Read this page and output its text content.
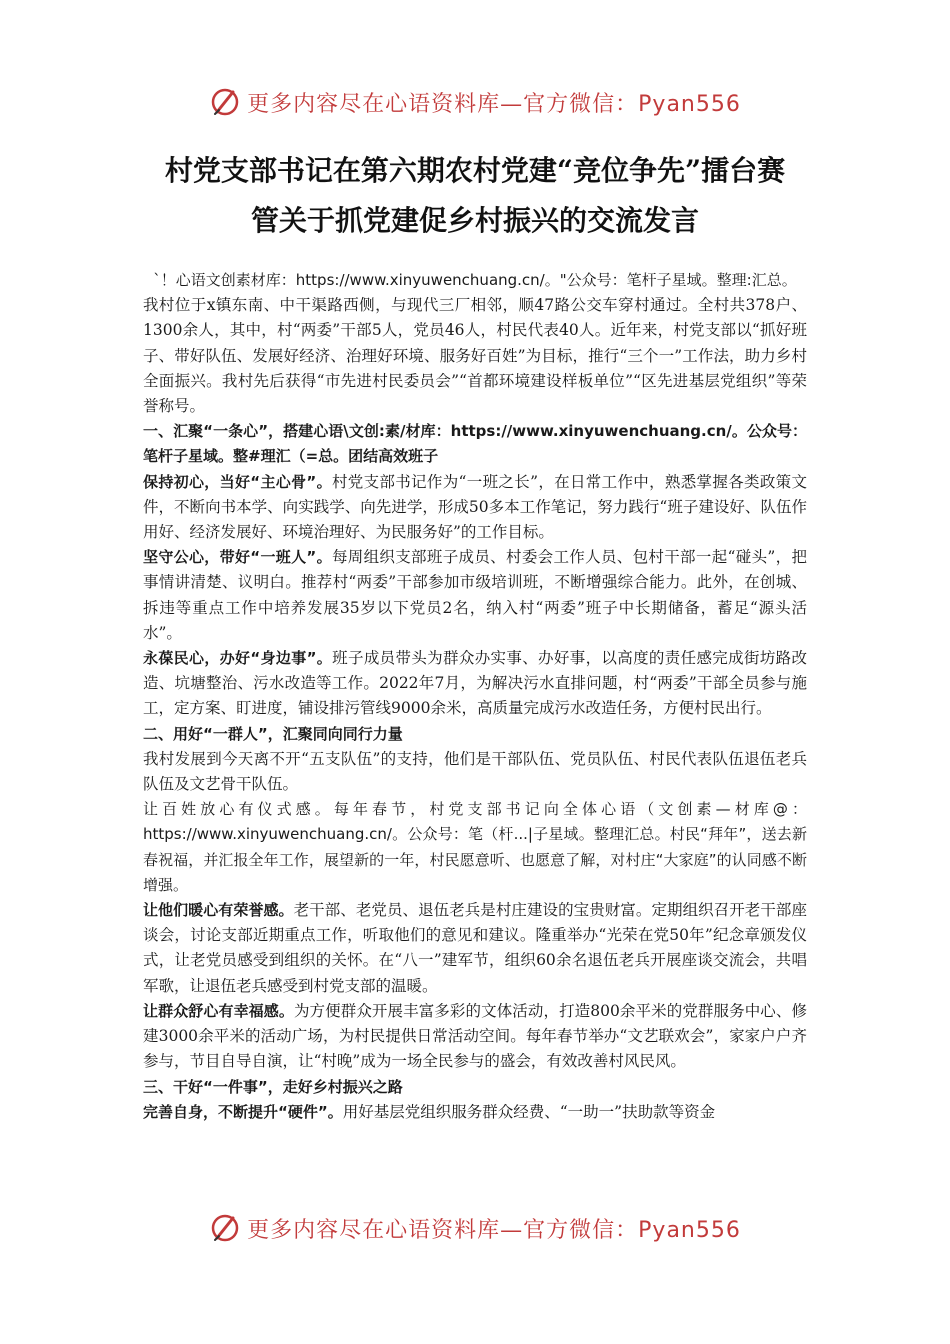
更多内容尽在心语资料库—官方微信：Pyan556
村党支部书记在第六期农村党建“竞位争先”擂台赛
管关于抓党建促乡村振兴的交流发言

`！心语文创素材库：https://www.xinyuwenchuang.cn/。"公众号：笔杆子星域。整理:汇总。

我村位于x镇东南、中干渠路西侧，与现代三厂相邻，顺47路公交车穿村通过。全村共378户、1300余人，其中，村“两委”干部5人，党员46人，村民代表40人。近年来，村党支部以“抓好班子、带好队伍、发展好经济、治理好环境、服务好百姓”为目标，推行“三个一”工作法，助力乡村全面振兴。我村先后获得“市先进村民委员会”“首都环境建设样板单位”“区先进基层党组织”等荣誉称号。

一、汇聚“一条心”，搭建心语\文创:素/材库：https://www.xinyuwenchuang.cn/。公众号：笔杆子星域。整#理汇（=总。团结高效班子

保持初心，当好“主心骨”。村党支部书记作为“一班之长”，在日常工作中，熟悉掌握各类政策文件，不断向书本学、向实践学、向先进学，形成50多本工作笔记，努力践行“班子建设好、队伍作用好、经济发展好、环境治理好、为民服务好”的工作目标。

坚守公心，带好“一班人”。每周组织支部班子成员、村委会工作人员、包村干部一起“碰头”，把事情讲清楚、议明白。推荐村“两委”干部参加市级培训班，不断增强综合能力。此外，在创城、拆违等重点工作中培养发展35岁以下党员2名，纳入村“两委”班子中长期储备，蓄足“源头活水”。

永葆民心，办好“身边事”。班子成员带头为群众办实事、办好事，以高度的责任感完成街坊路改造、坑塘整治、污水改造等工作。2022年7月，为解决污水直排问题，村“两委”干部全员参与施工，定方案、盯进度，铺设排污管线9000余米，高质量完成污水改造任务，方便村民出行。

二、用好“一群人”，汇聚同向同行力量

我村发展到今天离不开“五支队伍”的支持，他们是干部队伍、党员队伍、村民代表队伍退伍老兵队伍及文艺骨干队伍。

让百姓放心有仪式感。每年春节，村党支部书记向全体心语（文创素—材库@：https://www.xinyuwenchuang.cn/。公众号：笔（杆...|子星域。整理汇总。村民“拜年”，送去新春祝福，并汇报全年工作，展望新的一年，村民愿意听、也愿意了解，对村庄“大家庭”的认同感不断增强。

让他们暖心有荣誉感。老干部、老党员、退伍老兵是村庄建设的宝贵财富。定期组织召开老干部座谈会，讨论支部近期重点工作，听取他们的意见和建议。隆重举办“光荣在党50年”纪念章颁发仪式，让老党员感受到组织的关怀。在“八一”建军节，组织60余名退伍老兵开展座谈交流会，共唱军歌，让退伍老兵感受到村党支部的温暖。

让群众舒心有幸福感。为方便群众开展丰富多彩的文体活动，打造800余平米的党群服务中心、修建3000余平米的活动广场，为村民提供日常活动空间。每年春节举办“文艺联欢会”，家家户户齐参与，节目自导自演，让“村晚”成为一场全民参与的盛会，有效改善村风民风。

三、干好“一件事”，走好乡村振兴之路

完善自身，不断提升“硬件”。用好基层党组织服务群众经费、“一助一”扶助款等资金

更多内容尽在心语资料库—官方微信：Pyan556
